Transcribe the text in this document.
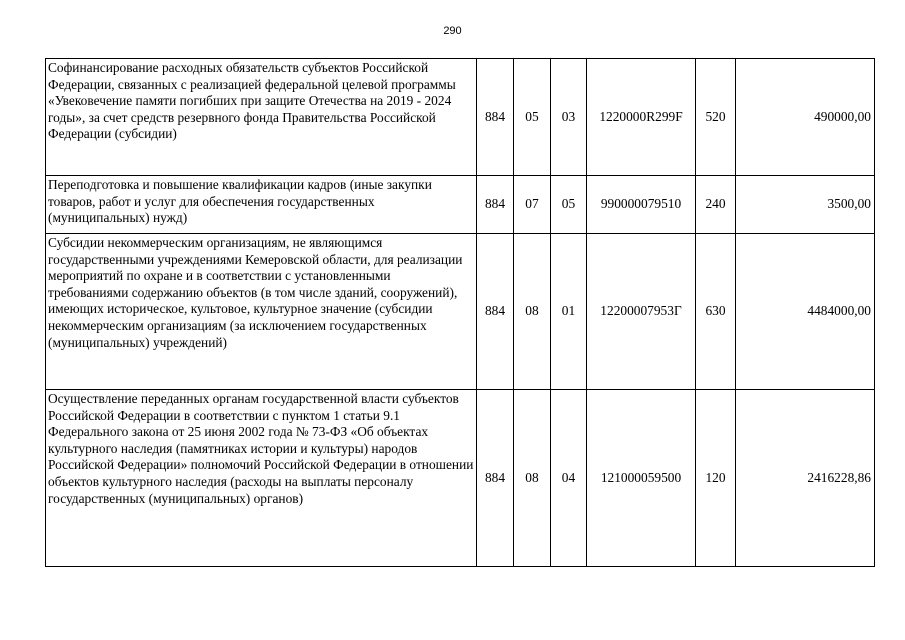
290
Софинансирование расходных обязательств субъектов Российской Федерации, связанных с реализацией федеральной целевой программы «Увековечение памяти погибших при защите Отечества на 2019 - 2024 годы», за счет средств резервного фонда Правительства Российской Федерации (субсидии)	884	05	03	1220000R299F	520	490000,00
Переподготовка и повышение квалификации кадров (иные закупки товаров, работ и услуг для обеспечения государственных (муниципальных) нужд)	884	07	05	990000079510	240	3500,00
Субсидии некоммерческим организациям, не являющимся государственными учреждениями Кемеровской области, для реализации мероприятий по охране и в соответствии с установленными требованиями содержанию объектов (в том числе зданий, сооружений), имеющих историческое, культовое, культурное значение (субсидии некоммерческим организациям (за исключением государственных (муниципальных) учреждений)	884	08	01	12200007953Г	630	4484000,00
Осуществление переданных органам государственной власти субъектов Российской Федерации в соответствии с пунктом 1 статьи 9.1 Федерального закона от 25 июня 2002 года № 73-ФЗ «Об объектах культурного наследия (памятниках истории и культуры) народов Российской Федерации» полномочий Российской Федерации в отношении объектов культурного наследия (расходы на выплаты персоналу государственных (муниципальных) органов)	884	08	04	121000059500	120	2416228,86
